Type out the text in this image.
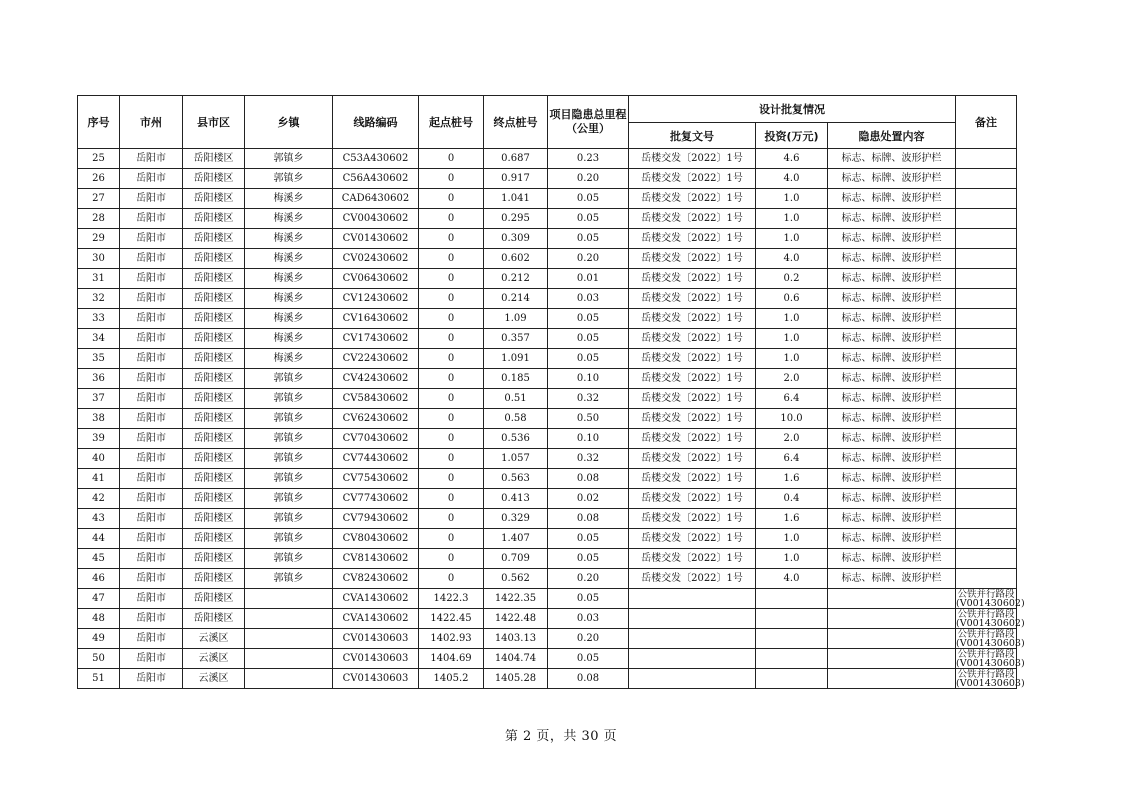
序号	市州	县市区	乡镇	线路编码	起点桩号	终点桩号	项目隐患总里程（公里）	设计批复情况			备注
								批复文号	投资(万元)	隐患处置内容	
25	岳阳市	岳阳楼区	郭镇乡	C53A430602	0	0.687	0.23	岳楼交发〔2022〕1号	4.6	标志、标牌、波形护栏	
26	岳阳市	岳阳楼区	郭镇乡	C56A430602	0	0.917	0.20	岳楼交发〔2022〕1号	4.0	标志、标牌、波形护栏	
27	岳阳市	岳阳楼区	梅溪乡	CAD6430602	0	1.041	0.05	岳楼交发〔2022〕1号	1.0	标志、标牌、波形护栏	
28	岳阳市	岳阳楼区	梅溪乡	CV00430602	0	0.295	0.05	岳楼交发〔2022〕1号	1.0	标志、标牌、波形护栏	
29	岳阳市	岳阳楼区	梅溪乡	CV01430602	0	0.309	0.05	岳楼交发〔2022〕1号	1.0	标志、标牌、波形护栏	
30	岳阳市	岳阳楼区	梅溪乡	CV02430602	0	0.602	0.20	岳楼交发〔2022〕1号	4.0	标志、标牌、波形护栏	
31	岳阳市	岳阳楼区	梅溪乡	CV06430602	0	0.212	0.01	岳楼交发〔2022〕1号	0.2	标志、标牌、波形护栏	
32	岳阳市	岳阳楼区	梅溪乡	CV12430602	0	0.214	0.03	岳楼交发〔2022〕1号	0.6	标志、标牌、波形护栏	
33	岳阳市	岳阳楼区	梅溪乡	CV16430602	0	1.09	0.05	岳楼交发〔2022〕1号	1.0	标志、标牌、波形护栏	
34	岳阳市	岳阳楼区	梅溪乡	CV17430602	0	0.357	0.05	岳楼交发〔2022〕1号	1.0	标志、标牌、波形护栏	
35	岳阳市	岳阳楼区	梅溪乡	CV22430602	0	1.091	0.05	岳楼交发〔2022〕1号	1.0	标志、标牌、波形护栏	
36	岳阳市	岳阳楼区	郭镇乡	CV42430602	0	0.185	0.10	岳楼交发〔2022〕1号	2.0	标志、标牌、波形护栏	
37	岳阳市	岳阳楼区	郭镇乡	CV58430602	0	0.51	0.32	岳楼交发〔2022〕1号	6.4	标志、标牌、波形护栏	
38	岳阳市	岳阳楼区	郭镇乡	CV62430602	0	0.58	0.50	岳楼交发〔2022〕1号	10.0	标志、标牌、波形护栏	
39	岳阳市	岳阳楼区	郭镇乡	CV70430602	0	0.536	0.10	岳楼交发〔2022〕1号	2.0	标志、标牌、波形护栏	
40	岳阳市	岳阳楼区	郭镇乡	CV74430602	0	1.057	0.32	岳楼交发〔2022〕1号	6.4	标志、标牌、波形护栏	
41	岳阳市	岳阳楼区	郭镇乡	CV75430602	0	0.563	0.08	岳楼交发〔2022〕1号	1.6	标志、标牌、波形护栏	
42	岳阳市	岳阳楼区	郭镇乡	CV77430602	0	0.413	0.02	岳楼交发〔2022〕1号	0.4	标志、标牌、波形护栏	
43	岳阳市	岳阳楼区	郭镇乡	CV79430602	0	0.329	0.08	岳楼交发〔2022〕1号	1.6	标志、标牌、波形护栏	
44	岳阳市	岳阳楼区	郭镇乡	CV80430602	0	1.407	0.05	岳楼交发〔2022〕1号	1.0	标志、标牌、波形护栏	
45	岳阳市	岳阳楼区	郭镇乡	CV81430602	0	0.709	0.05	岳楼交发〔2022〕1号	1.0	标志、标牌、波形护栏	
46	岳阳市	岳阳楼区	郭镇乡	CV82430602	0	0.562	0.20	岳楼交发〔2022〕1号	4.0	标志、标牌、波形护栏	
47	岳阳市	岳阳楼区		CVA1430602	1422.3	1422.35	0.05				公铁并行路段(V001430602)
48	岳阳市	岳阳楼区		CVA1430602	1422.45	1422.48	0.03				公铁并行路段(V001430602)
49	岳阳市	云溪区		CV01430603	1402.93	1403.13	0.20				公铁并行路段(V001430603)
50	岳阳市	云溪区		CV01430603	1404.69	1404.74	0.05				公铁并行路段(V001430603)
51	岳阳市	云溪区		CV01430603	1405.2	1405.28	0.08				公铁并行路段(V001430603)
第 2 页，共 30 页
